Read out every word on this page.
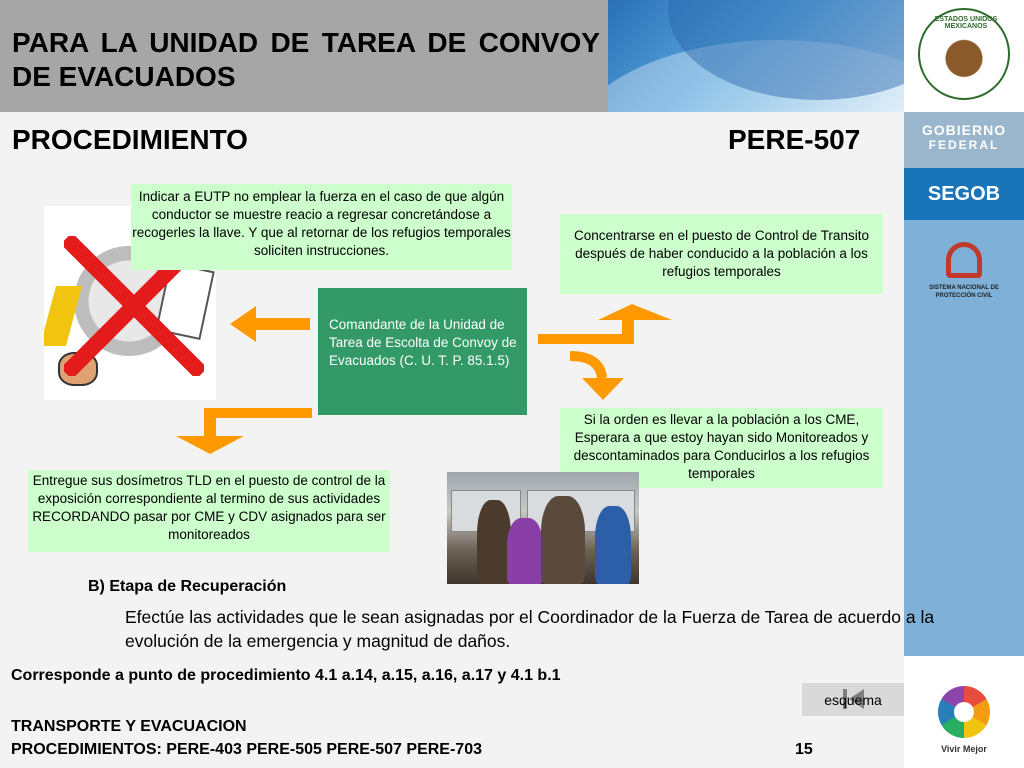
PARA LA UNIDAD DE TAREA DE CONVOY DE EVACUADOS
ESTADOS UNIDOS MEXICANOS
GOBIERNO
FEDERAL
SEGOB
SISTEMA NACIONAL DE PROTECCIÓN CIVIL
Vivir Mejor
PROCEDIMIENTO	PERE-507
Indicar a EUTP no emplear la fuerza en el caso de que algún conductor se muestre reacio a regresar concretándose a recogerles la llave. Y que al retornar de los refugios temporales soliciten instrucciones.
Concentrarse en el puesto de Control de Transito después de haber conducido a la población a los refugios temporales
Comandante de la Unidad de Tarea de Escolta de Convoy de Evacuados (C. U. T. P. 85.1.5)
Si la orden es llevar a la población a los CME, Esperara a que estoy hayan sido Monitoreados y descontaminados para Conducirlos a los refugios temporales
Entregue sus dosímetros TLD en el puesto de control de la exposición correspondiente al termino de sus actividades RECORDANDO pasar por CME y CDV asignados para ser monitoreados
B) Etapa de Recuperación
Efectúe las actividades que le sean asignadas por el Coordinador de la Fuerza de Tarea de acuerdo a la evolución de la emergencia y magnitud de daños.
Corresponde a punto de procedimiento 4.1 a.14, a.15, a.16, a.17 y 4.1 b.1
esquema
TRANSPORTE Y EVACUACION
PROCEDIMIENTOS: PERE-403 PERE-505 PERE-507 PERE-703	15
